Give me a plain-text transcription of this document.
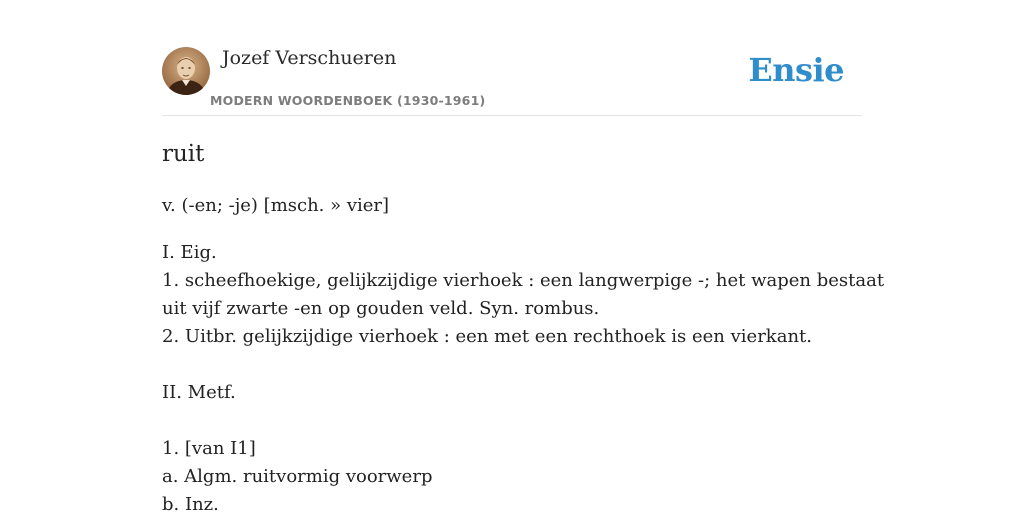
Jozef Verschueren
MODERN WOORDENBOEK (1930-1961)
Ensie
ruit

v. (-en; -je) [msch. » vier]

I. Eig.
1. scheefhoekige, gelijkzijdige vierhoek : een langwerpige -; het wapen bestaat
uit vijf zwarte -en op gouden veld. Syn. rombus.
2. Uitbr. gelijkzijdige vierhoek : een met een rechthoek is een vierkant.
II. Metf.
1. [van I1]
a. Algm. ruitvormig voorwerp
b. Inz.
